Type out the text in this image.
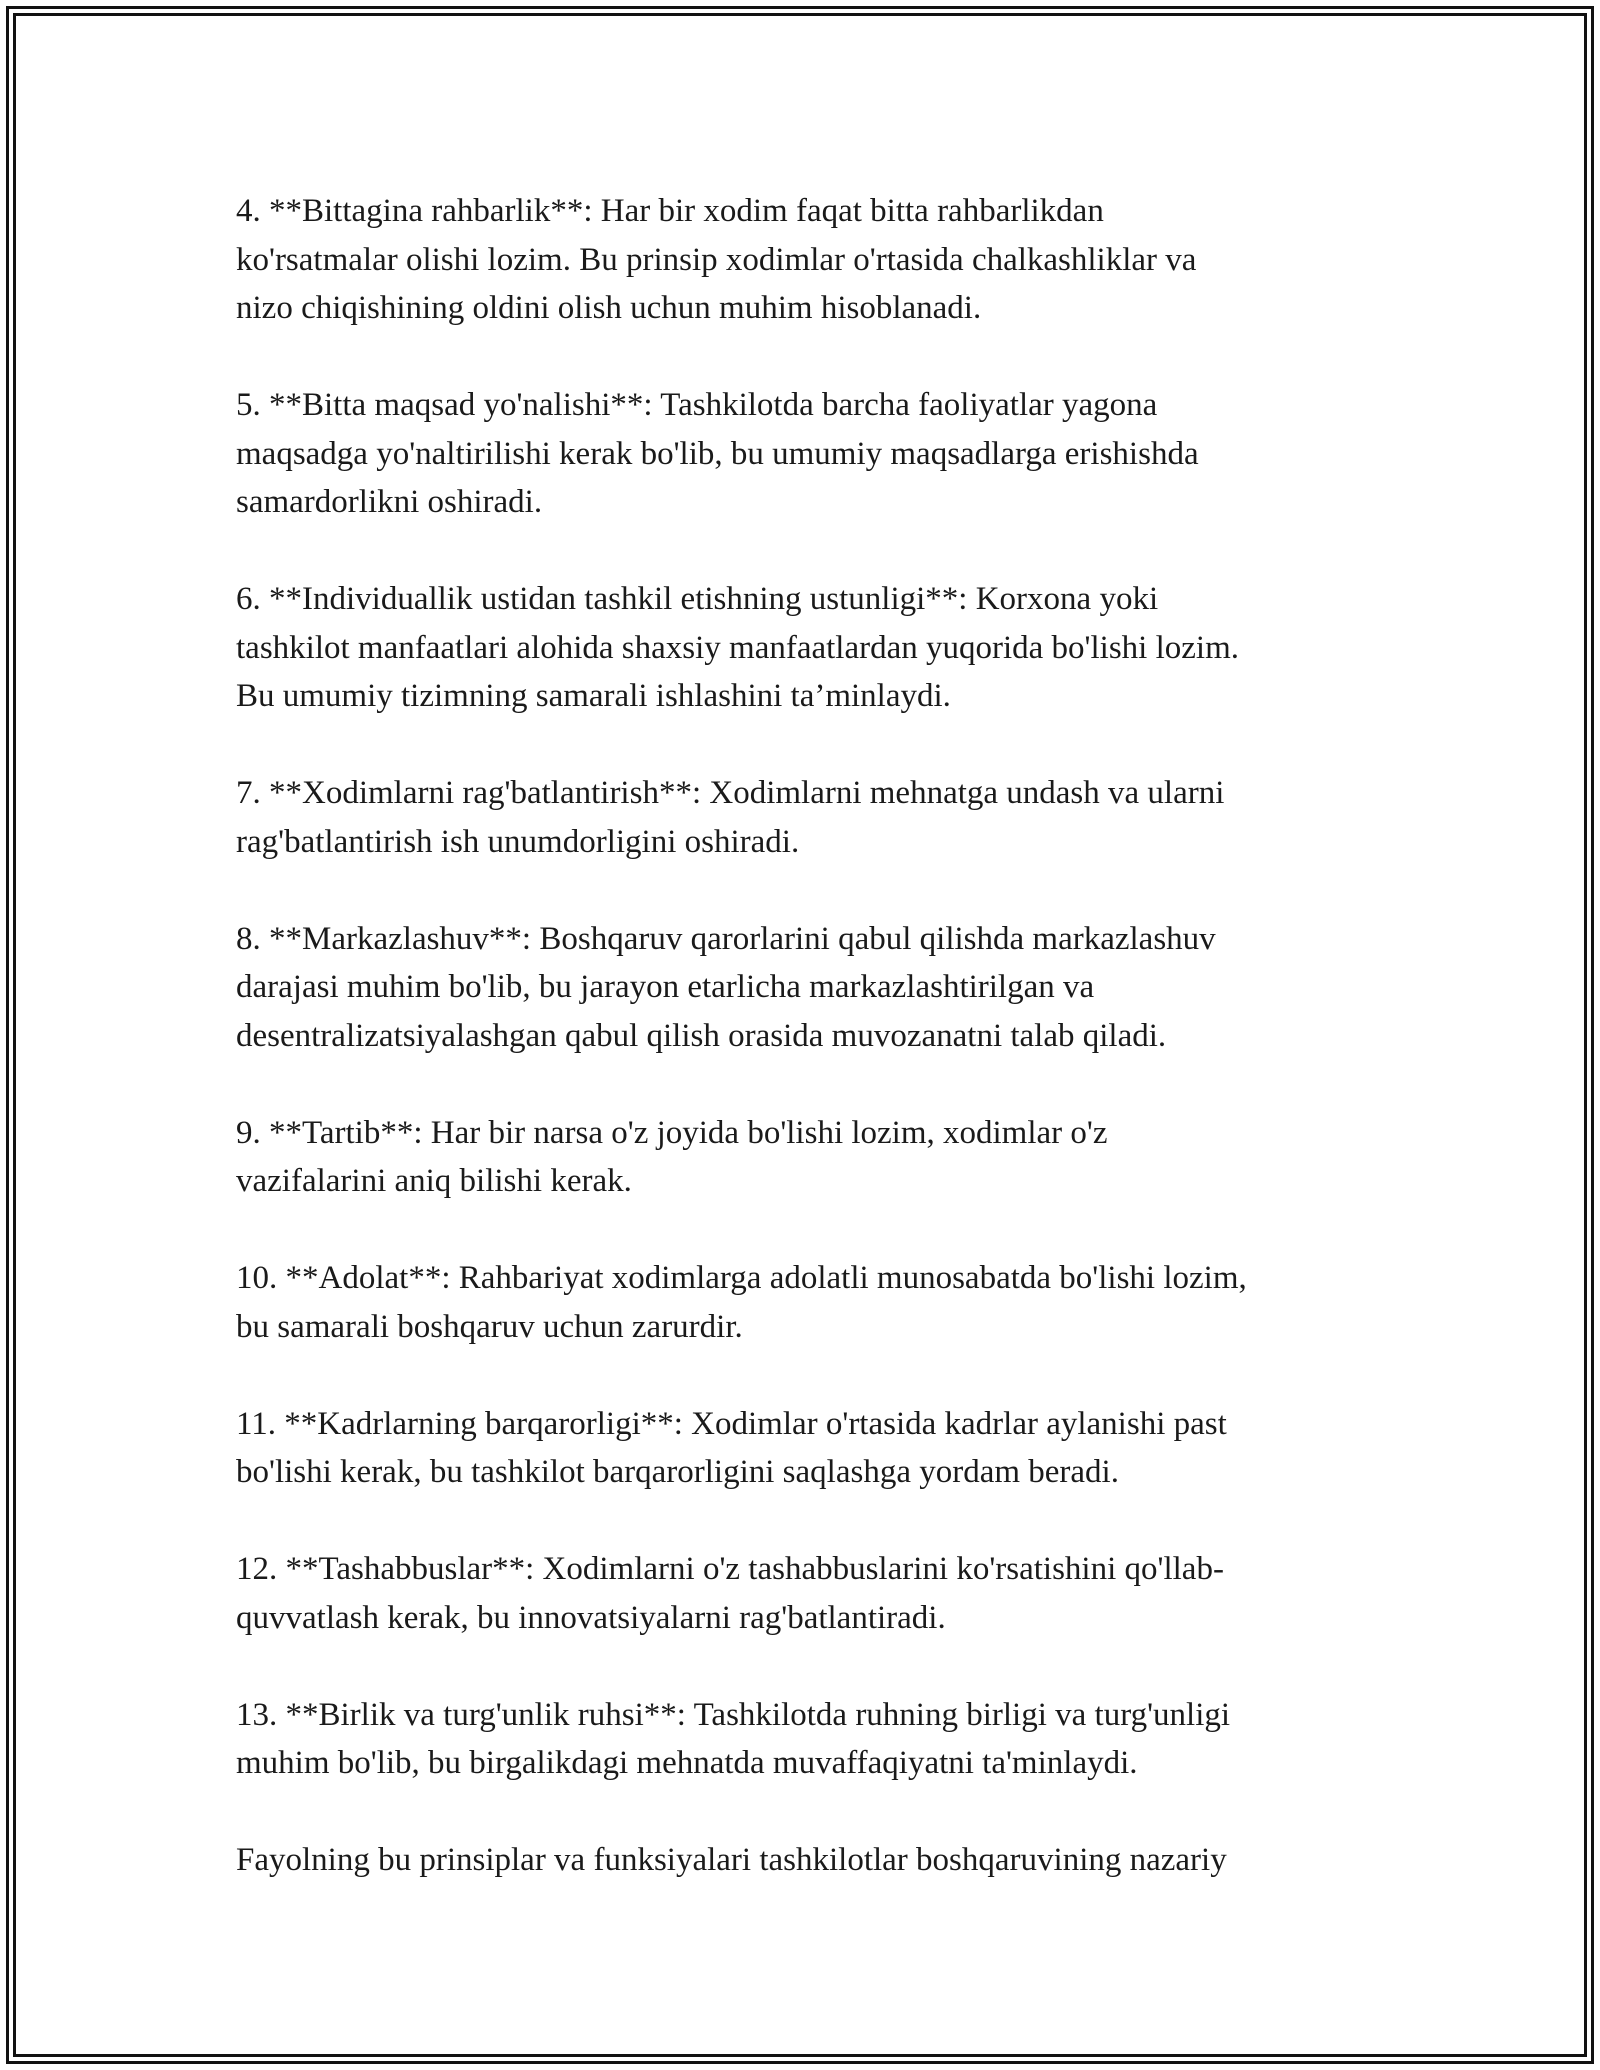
4. **Bittagina rahbarlik**: Har bir xodim faqat bitta rahbarlikdan
ko'rsatmalar olishi lozim. Bu prinsip xodimlar o'rtasida chalkashliklar va
nizo chiqishining oldini olish uchun muhim hisoblanadi.

5. **Bitta maqsad yo'nalishi**: Tashkilotda barcha faoliyatlar yagona
maqsadga yo'naltirilishi kerak bo'lib, bu umumiy maqsadlarga erishishda
samardorlikni oshiradi.

6. **Individuallik ustidan tashkil etishning ustunligi**: Korxona yoki
tashkilot manfaatlari alohida shaxsiy manfaatlardan yuqorida bo'lishi lozim.
Bu umumiy tizimning samarali ishlashini ta’minlaydi.

7. **Xodimlarni rag'batlantirish**: Xodimlarni mehnatga undash va ularni
rag'batlantirish ish unumdorligini oshiradi.

8. **Markazlashuv**: Boshqaruv qarorlarini qabul qilishda markazlashuv
darajasi muhim bo'lib, bu jarayon etarlicha markazlashtirilgan va
desentralizatsiyalashgan qabul qilish orasida muvozanatni talab qiladi.

9. **Tartib**: Har bir narsa o'z joyida bo'lishi lozim, xodimlar o'z
vazifalarini aniq bilishi kerak.

10. **Adolat**: Rahbariyat xodimlarga adolatli munosabatda bo'lishi lozim,
bu samarali boshqaruv uchun zarurdir.

11. **Kadrlarning barqarorligi**: Xodimlar o'rtasida kadrlar aylanishi past
bo'lishi kerak, bu tashkilot barqarorligini saqlashga yordam beradi.

12. **Tashabbuslar**: Xodimlarni o'z tashabbuslarini ko'rsatishini qo'llab-
quvvatlash kerak, bu innovatsiyalarni rag'batlantiradi.

13. **Birlik va turg'unlik ruhsi**: Tashkilotda ruhning birligi va turg'unligi
muhim bo'lib, bu birgalikdagi mehnatda muvaffaqiyatni ta'minlaydi.

Fayolning bu prinsiplar va funksiyalari tashkilotlar boshqaruvining nazariy
